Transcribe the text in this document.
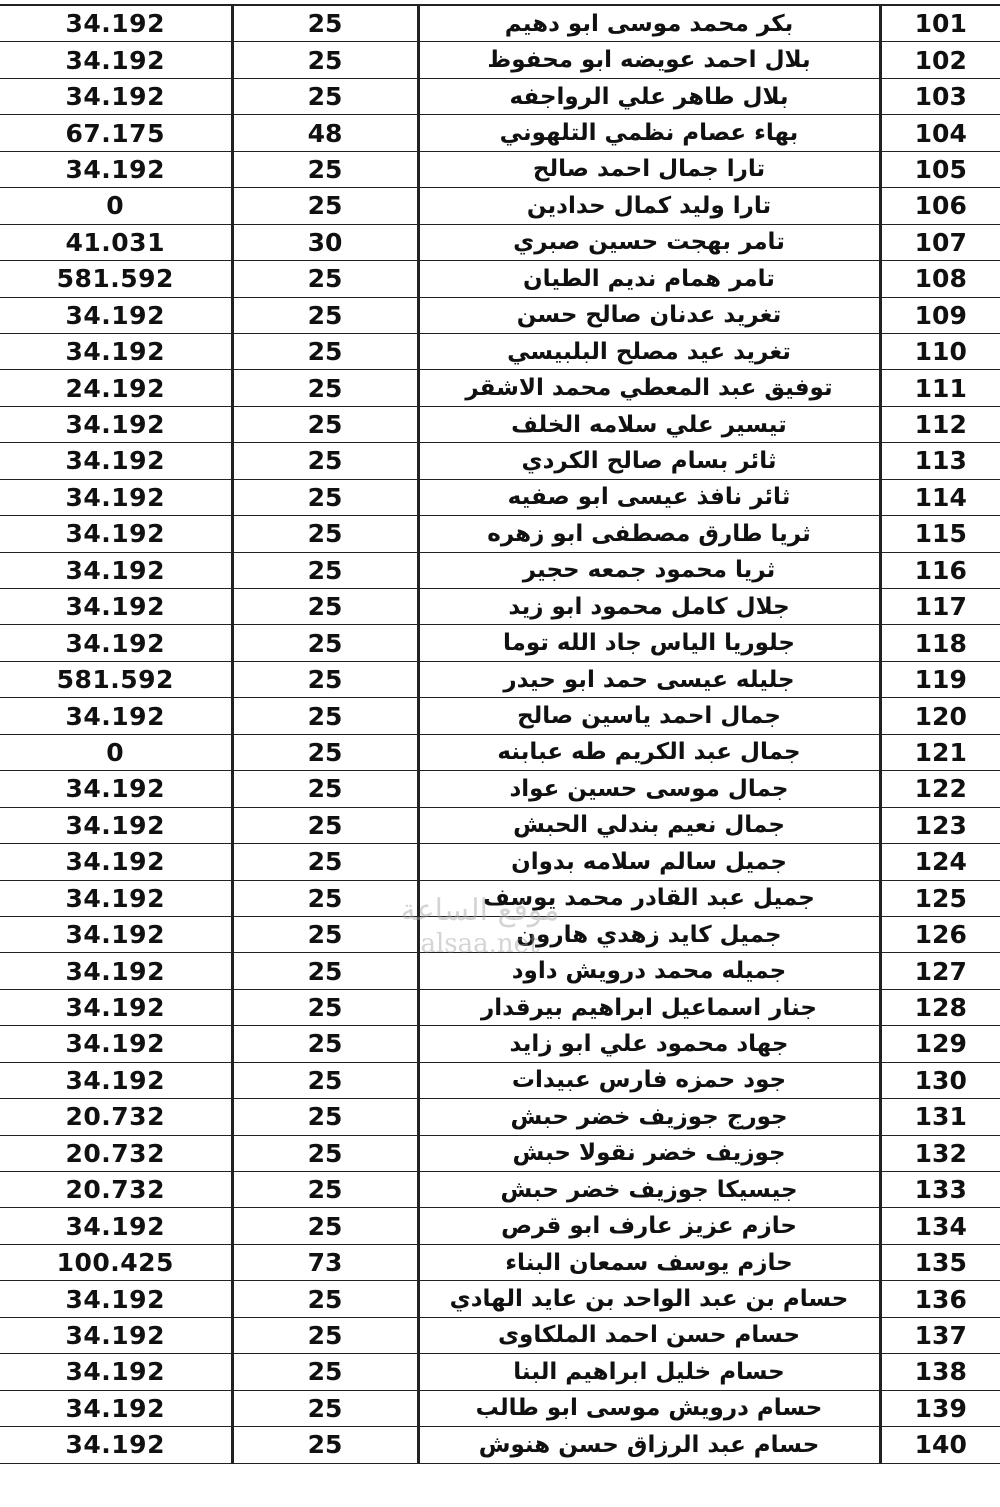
34.192	25	بكر محمد موسى ابو دهيم	101
34.192	25	بلال احمد عويضه ابو محفوظ	102
34.192	25	بلال طاهر علي الرواجفه	103
67.175	48	بهاء عصام نظمي التلهوني	104
34.192	25	تارا جمال احمد صالح	105
0	25	تارا وليد كمال حدادين	106
41.031	30	تامر بهجت حسين صبري	107
581.592	25	تامر همام نديم الطيان	108
34.192	25	تغريد عدنان صالح حسن	109
34.192	25	تغريد عيد مصلح البلبيسي	110
24.192	25	توفيق عبد المعطي محمد الاشقر	111
34.192	25	تيسير علي سلامه الخلف	112
34.192	25	ثائر بسام صالح الكردي	113
34.192	25	ثائر نافذ عيسى ابو صفيه	114
34.192	25	ثريا طارق مصطفى ابو زهره	115
34.192	25	ثريا محمود جمعه حجير	116
34.192	25	جلال كامل محمود ابو زيد	117
34.192	25	جلوريا الياس جاد الله توما	118
581.592	25	جليله عيسى حمد ابو حيدر	119
34.192	25	جمال احمد ياسين صالح	120
0	25	جمال عبد الكريم طه عبابنه	121
34.192	25	جمال موسى حسين عواد	122
34.192	25	جمال نعيم بندلي الحبش	123
34.192	25	جميل سالم سلامه بدوان	124
34.192	25	جميل عبد القادر محمد يوسف	125
34.192	25	جميل كايد زهدي هارون	126
34.192	25	جميله محمد درويش داود	127
34.192	25	جنار اسماعيل ابراهيم بيرقدار	128
34.192	25	جهاد محمود علي ابو زايد	129
34.192	25	جود حمزه فارس عبيدات	130
20.732	25	جورج جوزيف خضر حبش	131
20.732	25	جوزيف خضر نقولا حبش	132
20.732	25	جيسيكا جوزيف خضر حبش	133
34.192	25	حازم عزيز عارف ابو قرص	134
100.425	73	حازم يوسف سمعان البناء	135
34.192	25	حسام بن عبد الواحد بن عايد الهادي	136
34.192	25	حسام حسن احمد الملكاوى	137
34.192	25	حسام خليل ابراهيم البنا	138
34.192	25	حسام درويش موسى ابو طالب	139
34.192	25	حسام عبد الرزاق حسن هنوش	140
موقع الساعة
alsaa.net
